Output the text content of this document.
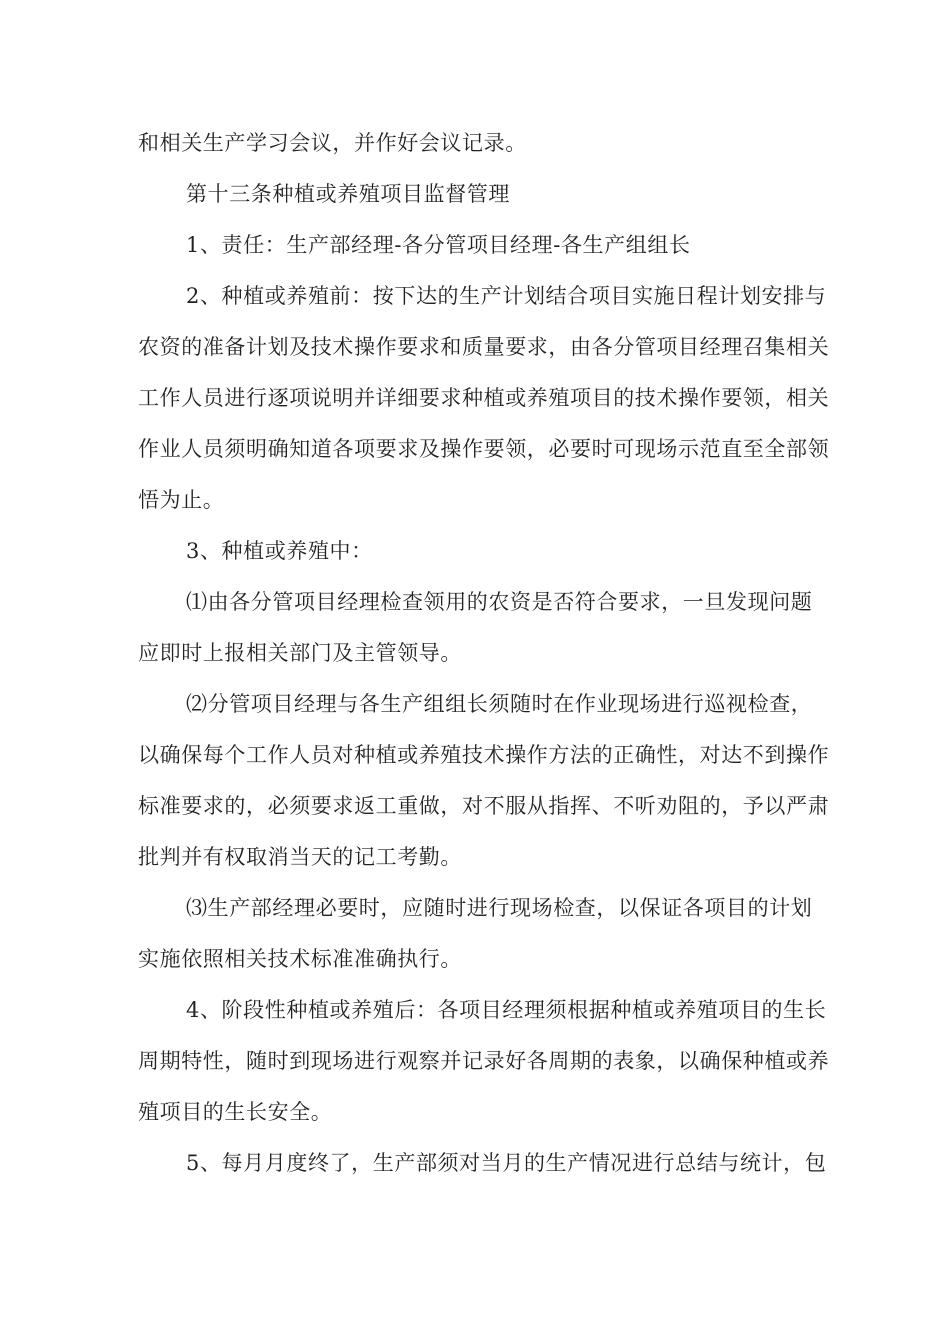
和相关生产学习会议，并作好会议记录。
第十三条种植或养殖项目监督管理
1、责任：生产部经理-各分管项目经理-各生产组组长
2、种植或养殖前：按下达的生产计划结合项目实施日程计划安排与
农资的准备计划及技术操作要求和质量要求，由各分管项目经理召集相关
工作人员进行逐项说明并详细要求种植或养殖项目的技术操作要领，相关
作业人员须明确知道各项要求及操作要领，必要时可现场示范直至全部领
悟为止。
3、种植或养殖中：
⑴由各分管项目经理检查领用的农资是否符合要求，一旦发现问题
应即时上报相关部门及主管领导。
⑵分管项目经理与各生产组组长须随时在作业现场进行巡视检查，
以确保每个工作人员对种植或养殖技术操作方法的正确性，对达不到操作
标准要求的，必须要求返工重做，对不服从指挥、不听劝阻的，予以严肃
批判并有权取消当天的记工考勤。
⑶生产部经理必要时，应随时进行现场检查，以保证各项目的计划
实施依照相关技术标准准确执行。
4、阶段性种植或养殖后：各项目经理须根据种植或养殖项目的生长
周期特性，随时到现场进行观察并记录好各周期的表象，以确保种植或养
殖项目的生长安全。
5、每月月度终了，生产部须对当月的生产情况进行总结与统计，包
